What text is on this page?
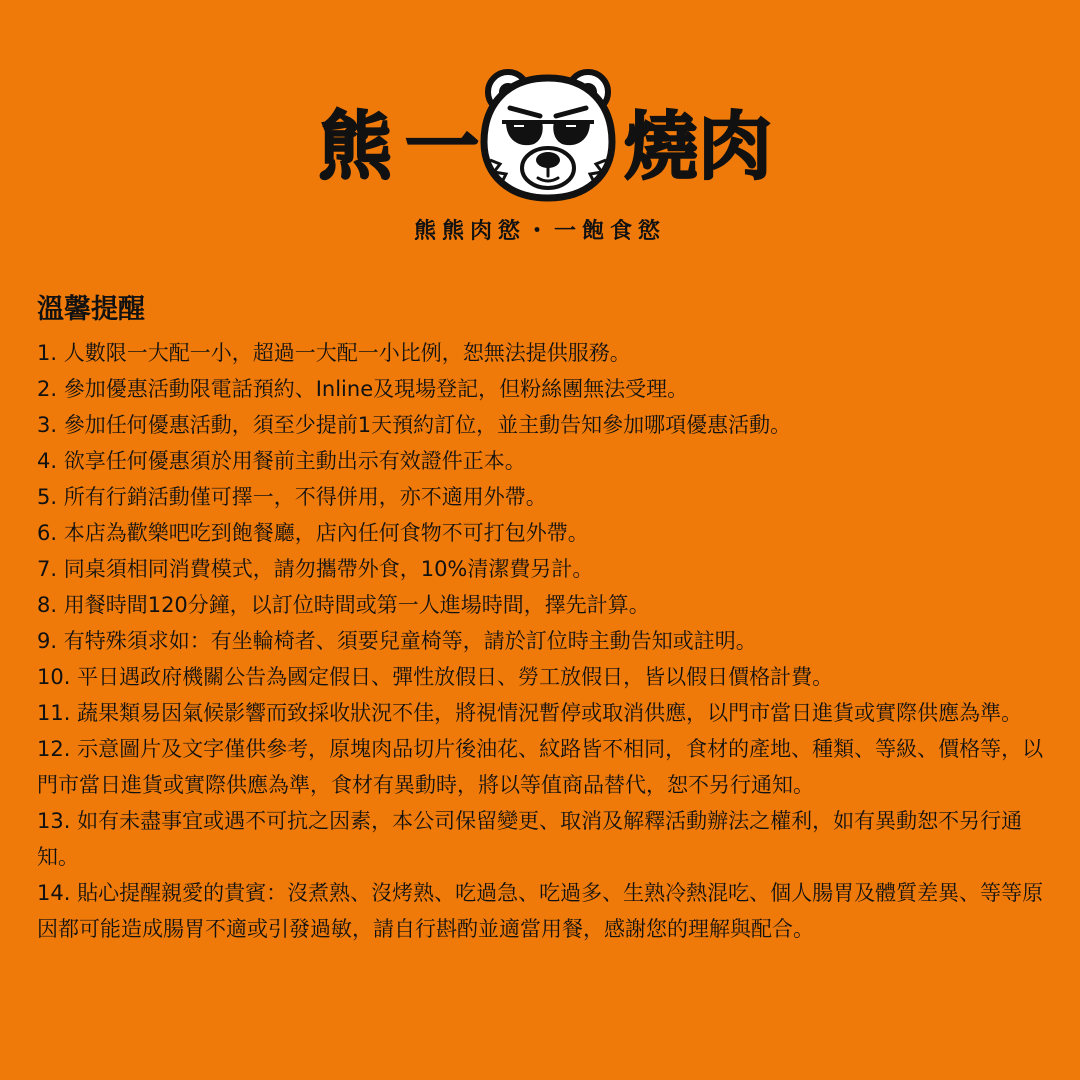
熊 一 燒肉
熊熊肉慾・一飽食慾
溫馨提醒
1. 人數限一大配一小，超過一大配一小比例，恕無法提供服務。
2. 參加優惠活動限電話預約、Inline及現場登記，但粉絲團無法受理。
3. 參加任何優惠活動，須至少提前1天預約訂位，並主動告知參加哪項優惠活動。
4. 欲享任何優惠須於用餐前主動出示有效證件正本。
5. 所有行銷活動僅可擇一，不得併用，亦不適用外帶。
6. 本店為歡樂吧吃到飽餐廳，店內任何食物不可打包外帶。
7. 同桌須相同消費模式，請勿攜帶外食，10%清潔費另計。
8. 用餐時間120分鐘，以訂位時間或第一人進場時間，擇先計算。
9. 有特殊須求如：有坐輪椅者、須要兒童椅等，請於訂位時主動告知或註明。
10. 平日遇政府機關公告為國定假日、彈性放假日、勞工放假日，皆以假日價格計費。
11. 蔬果類易因氣候影響而致採收狀況不佳，將視情況暫停或取消供應，以門市當日進貨或實際供應為準。
12. 示意圖片及文字僅供參考，原塊肉品切片後油花、紋路皆不相同，食材的產地、種類、等級、價格等，以門市當日進貨或實際供應為準，食材有異動時，將以等值商品替代，恕不另行通知。
13. 如有未盡事宜或遇不可抗之因素，本公司保留變更、取消及解釋活動辦法之權利，如有異動恕不另行通知。
14. 貼心提醒親愛的貴賓：沒煮熟、沒烤熟、吃過急、吃過多、生熟冷熱混吃、個人腸胃及體質差異、等等原因都可能造成腸胃不適或引發過敏，請自行斟酌並適當用餐，感謝您的理解與配合。
